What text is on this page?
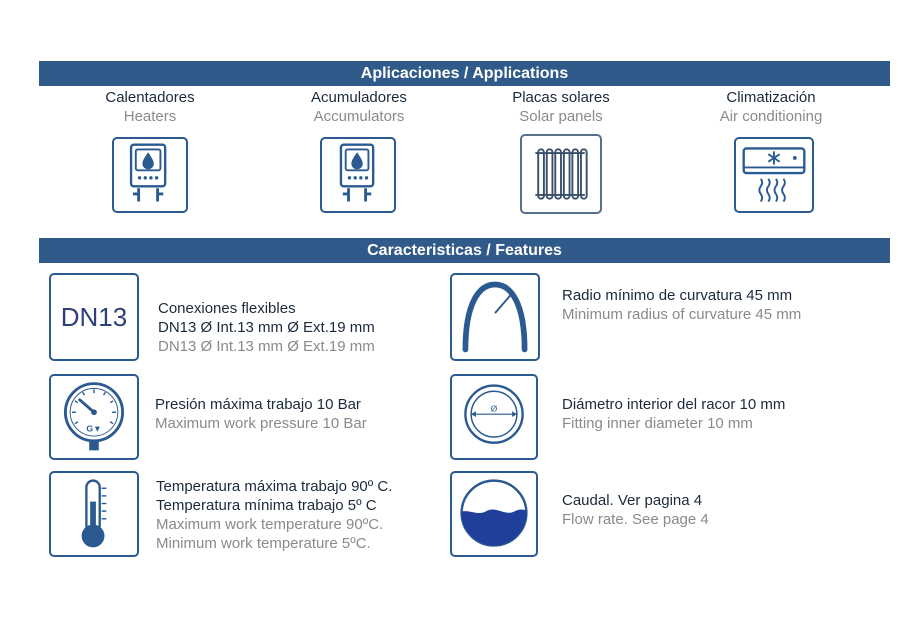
Aplicaciones / Applications
Calentadores
Heaters
Acumuladores
Accumulators
Placas solares
Solar panels
Climatización
Air conditioning
Caracteristicas / Features
DN13	Conexiones flexibles
DN13 Ø Int.13 mm Ø Ext.19 mm
DN13 Ø Int.13 mm Ø Ext.19 mm
Radio mínimo de curvatura 45 mm
Minimum radius of curvature 45 mm
G▼
Presión máxima trabajo 10 Bar
Maximum work pressure 10 Bar
Ø	Diámetro interior del racor 10 mm
Fitting inner diameter 10 mm
Temperatura máxima trabajo 90º C.
Temperatura mínima trabajo 5º C
Maximum work temperature 90ºC.
Minimum work temperature 5ºC.
Caudal. Ver pagina 4
Flow rate. See page 4
